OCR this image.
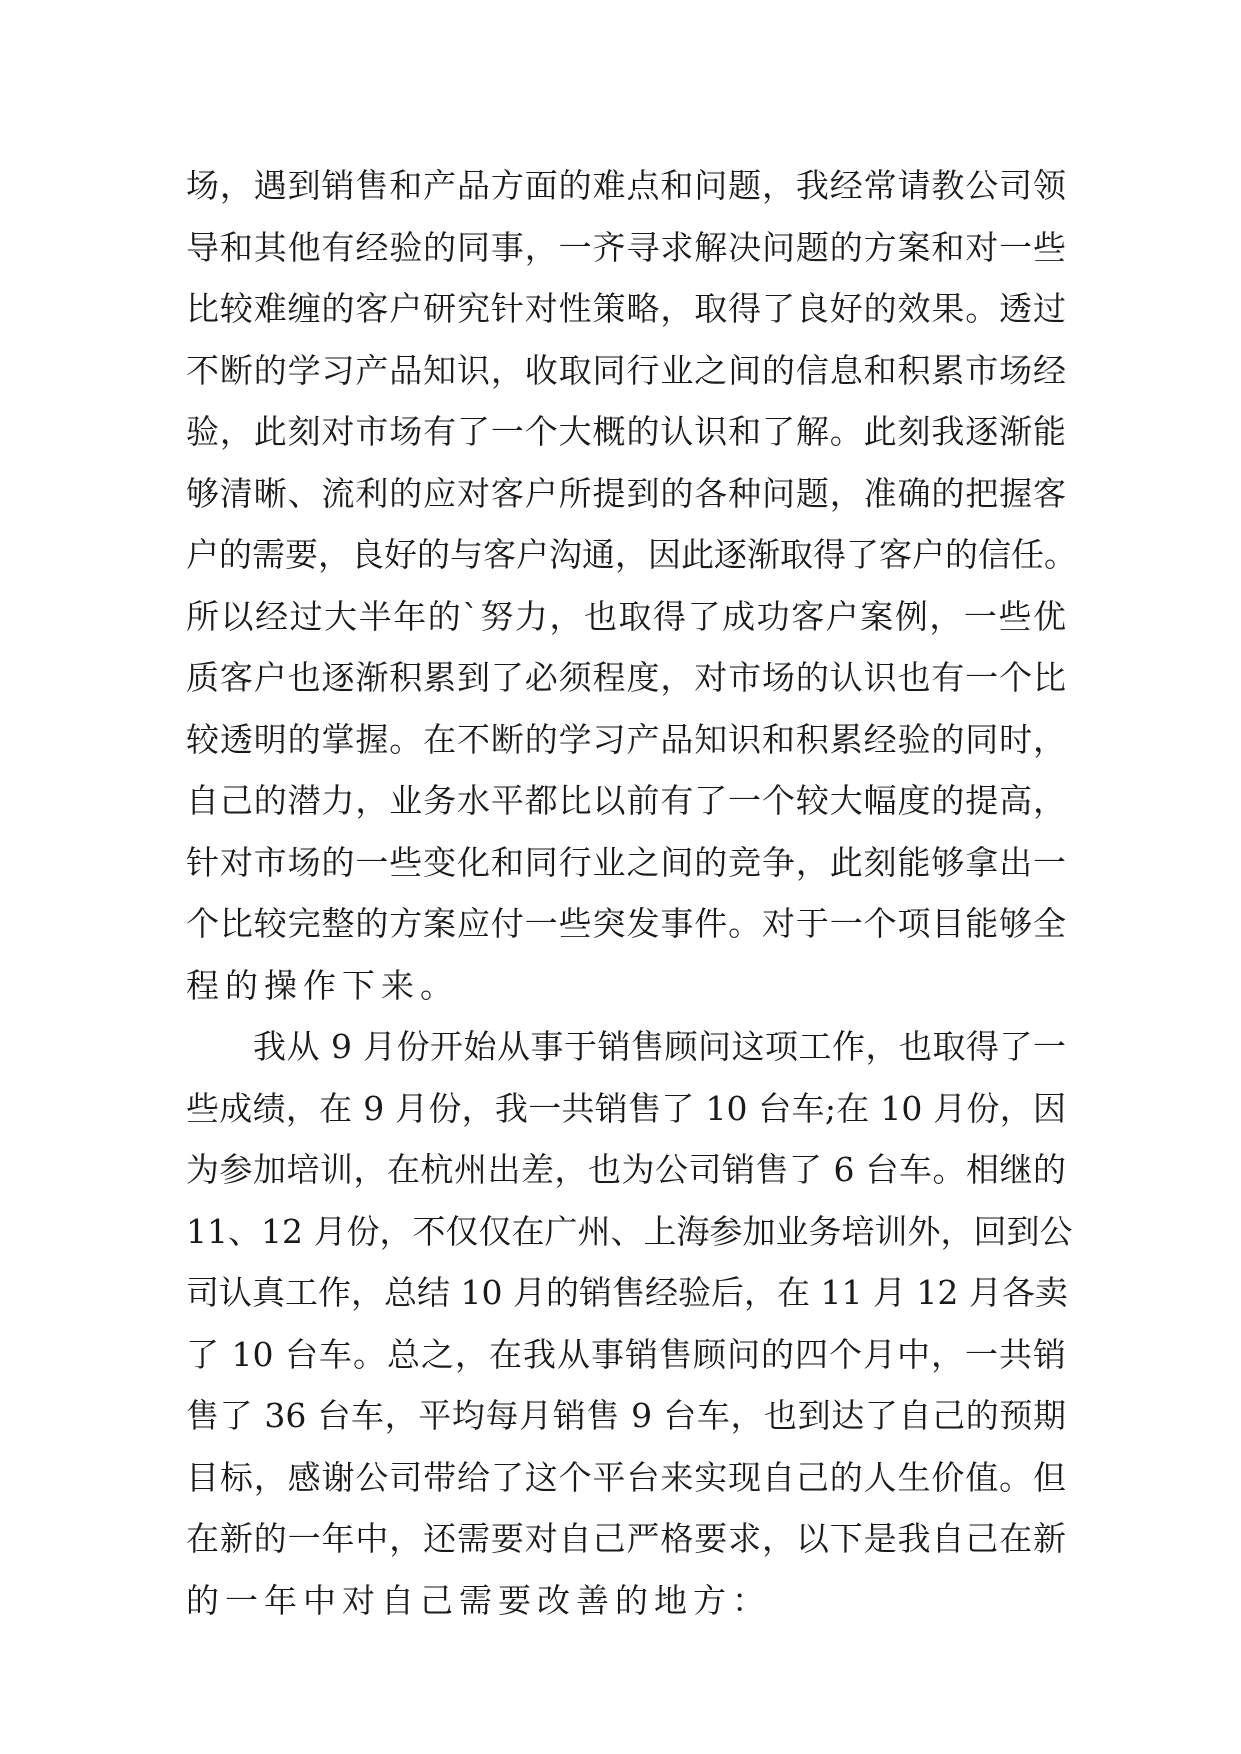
场，遇到销售和产品方面的难点和问题，我经常请教公司领
导和其他有经验的同事，一齐寻求解决问题的方案和对一些
比较难缠的客户研究针对性策略，取得了良好的效果。透过
不断的学习产品知识，收取同行业之间的信息和积累市场经
验，此刻对市场有了一个大概的认识和了解。此刻我逐渐能
够清晰、流利的应对客户所提到的各种问题，准确的把握客
户的需要，良好的与客户沟通，因此逐渐取得了客户的信任。
所以经过大半年的`努力，也取得了成功客户案例，一些优
质客户也逐渐积累到了必须程度，对市场的认识也有一个比
较透明的掌握。在不断的学习产品知识和积累经验的同时，
自己的潜力，业务水平都比以前有了一个较大幅度的提高，
针对市场的一些变化和同行业之间的竞争，此刻能够拿出一
个比较完整的方案应付一些突发事件。对于一个项目能够全
程的操作下来。
　　我从 9 月份开始从事于销售顾问这项工作，也取得了一
些成绩，在 9 月份，我一共销售了 10 台车;在 10 月份，因
为参加培训，在杭州出差，也为公司销售了 6 台车。相继的
11、12 月份，不仅仅在广州、上海参加业务培训外，回到公
司认真工作，总结 10 月的销售经验后，在 11 月 12 月各卖
了 10 台车。总之，在我从事销售顾问的四个月中，一共销
售了 36 台车，平均每月销售 9 台车，也到达了自己的预期
目标，感谢公司带给了这个平台来实现自己的人生价值。但
在新的一年中，还需要对自己严格要求，以下是我自己在新
的一年中对自己需要改善的地方：
